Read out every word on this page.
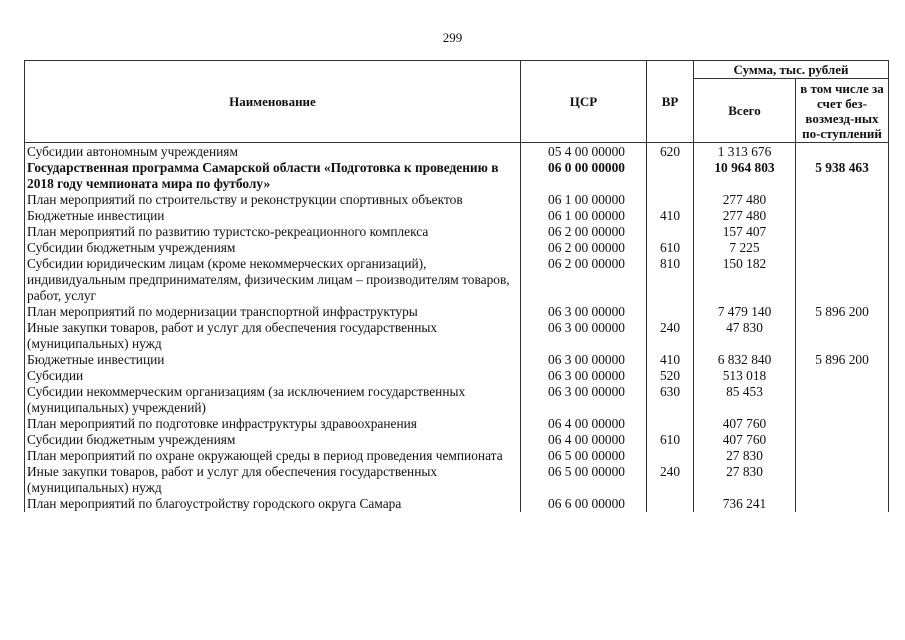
299
Наименование	ЦСР	ВР	Сумма, тыс. рублей	
			Всего	в том числе за счет без-возмезд-ных по-ступлений
Субсидии автономным учреждениям	05 4 00 00000	620	1 313 676	
Государственная программа Самарской области «Подготовка к проведению в 2018 году чемпионата мира по футболу»	06 0 00 00000		10 964 803	5 938 463
План мероприятий по строительству и реконструкции спортивных объектов	06 1 00 00000		277 480	
Бюджетные инвестиции	06 1 00 00000	410	277 480	
План мероприятий по развитию туристско-рекреационного комплекса	06 2 00 00000		157 407	
Субсидии бюджетным учреждениям	06 2 00 00000	610	7 225	
Субсидии юридическим лицам (кроме некоммерческих организаций), индивидуальным предпринимателям, физическим лицам – производителям товаров, работ, услуг	06 2 00 00000	810	150 182	
План мероприятий по модернизации транспортной инфраструктуры	06 3 00 00000		7 479 140	5 896 200
Иные закупки товаров, работ и услуг для обеспечения государственных (муниципальных) нужд	06 3 00 00000	240	47 830	
Бюджетные инвестиции	06 3 00 00000	410	6 832 840	5 896 200
Субсидии	06 3 00 00000	520	513 018	
Субсидии некоммерческим организациям (за исключением государственных (муниципальных) учреждений)	06 3 00 00000	630	85 453	
План мероприятий по подготовке инфраструктуры здравоохранения	06 4 00 00000		407 760	
Субсидии бюджетным учреждениям	06 4 00 00000	610	407 760	
План мероприятий по охране окружающей среды в период проведения чемпионата	06 5 00 00000		27 830	
Иные закупки товаров, работ и услуг для обеспечения государственных (муниципальных) нужд	06 5 00 00000	240	27 830	
План мероприятий по благоустройству городского округа Самара	06 6 00 00000		736 241	
